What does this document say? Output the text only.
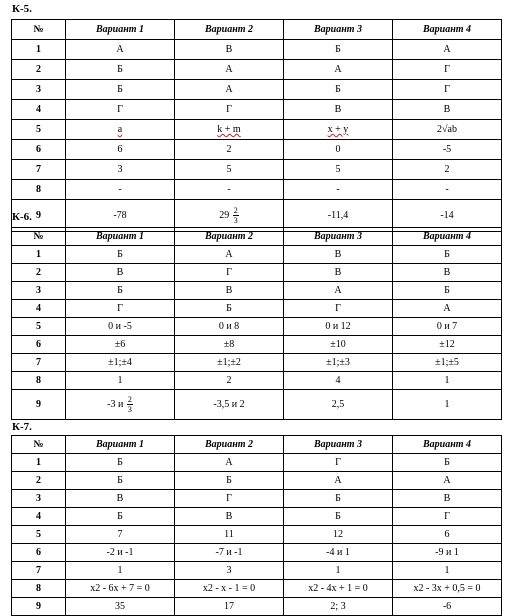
К-5.
№	Вариант 1	Вариант 2	Вариант 3	Вариант 4
1	А	В	Б	А
2	Б	А	А	Г
3	Б	А	Б	Г
4	Г	Г	В	В
5	a	k + m	x + y	2√ab
6	6	2	0	-5
7	3	5	5	2
8	-	-	-	-
9	-78	$29 \frac{2}{3}$	-11,4	-14
К-6.
№	Вариант 1	Вариант 2	Вариант 3	Вариант 4
1	Б	А	В	Б
2	В	Г	В	В
3	Б	В	А	Б
4	Г	Б	Г	А
5	0 и -5	0 и 8	0 и 12	0 и 7
6	±6	±8	±10	±12
7	±1;±4	±1;±2	±1;±3	±1;±5
8	1	2	4	1
9	-3 и $\frac{2}{3}$	-3,5 и 2	2,5	1
К-7.
№	Вариант 1	Вариант 2	Вариант 3	Вариант 4
1	Б	А	Г	Б
2	Б	Б	А	А
3	В	Г	Б	В
4	Б	В	Б	Г
5	7	11	12	6
6	-2 и -1	-7 и -1	-4 и 1	-9 и 1
7	1	3	1	1
8	x2 - 6x + 7 = 0	x2 - x - 1 = 0	x2 - 4x + 1 = 0	x2 - 3x + 0,5 = 0
9	35	17	2; 3	-6
